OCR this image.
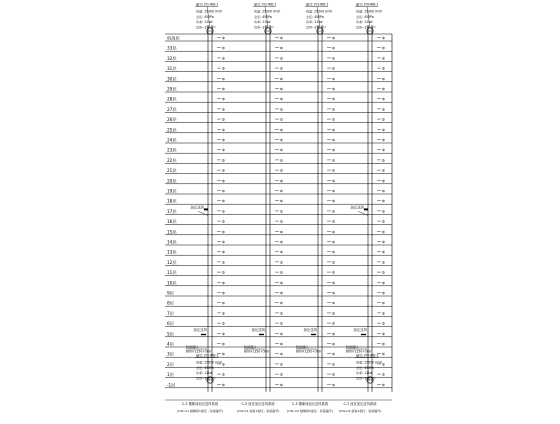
机房层	ф	ф	ф	ф
33层	ф	ф	ф	ф
32层	ф	ф	ф	ф
31层	ф	ф	ф	ф
30层	ф	ф	ф	ф
29层	ф	ф	ф	ф
28层	ф	ф	ф	ф
27层	ф	ф	ф	ф
26层	ф	ф	ф	ф
25层	ф	ф	ф	ф
24层	ф	ф	ф	ф
23层	ф	ф	ф	ф
22层	ф	ф	ф	ф
21层	ф	ф	ф	ф
20层	ф	ф	ф	ф
19层	ф	ф	ф	ф
18层	ф	ф	ф	ф
17层	ф	ф	ф	ф
16层	ф	ф	ф	ф
15层	ф	ф	ф	ф
14层	ф	ф	ф	ф
13层	ф	ф	ф	ф
12层	ф	ф	ф	ф
11层	ф	ф	ф	ф
10层	ф	ф	ф	ф
9层	ф	ф	ф	ф
8层	ф	ф	ф	ф
7层	ф	ф	ф	ф
6层	ф	ф	ф	ф
5层	ф	ф	ф	ф
4层	ф	ф	ф	ф
3层	ф	ф	ф	ф
2层	ф	ф	ф	ф
1层	ф	ф	ф	ф
-1层	ф	ф	ф	ф
编号: JY1-WD-1
风量: 25000 m³/h
全压: 450Pa
功率: 11kw
220~370 m³
加压送风
加压送风
防排烟口
800×1250+500
编号: JY1-WD-1
风量: 25000 m³/h
全压: 450Pa
功率: 11kw
220~370 m³
C-3 楼梯间加压送风系统
(C3L-C1 楼梯间1加压 , 系统编号)
编号: JY2-WD-1
风量: 25000 m³/h
全压: 450Pa
功率: 11kw
220~370 m³
加压送风
防排烟口
800×1250+500
C-3 前室加压送风系统
(C3L-C1 前室1加压 , 系统编号)
编号: JY3-WD-1
风量: 25000 m³/h
全压: 450Pa
功率: 11kw
220~370 m³
加压送风
防排烟口
800×1250+500
C-3 楼梯间加压送风系统
(C3L-C2 楼梯间2加压 , 系统编号)
编号: JY4-WD-1
风量: 25000 m³/h
全压: 450Pa
功率: 11kw
220~370 m³
加压送风
加压送风
防排烟口
800×1250+500
编号: JY4-WD-1
风量: 25000 m³/h
全压: 450Pa
功率: 11kw
220~370 m³
C-3 前室加压送风系统
(C3L-C2 前室2加压 , 系统编号)
